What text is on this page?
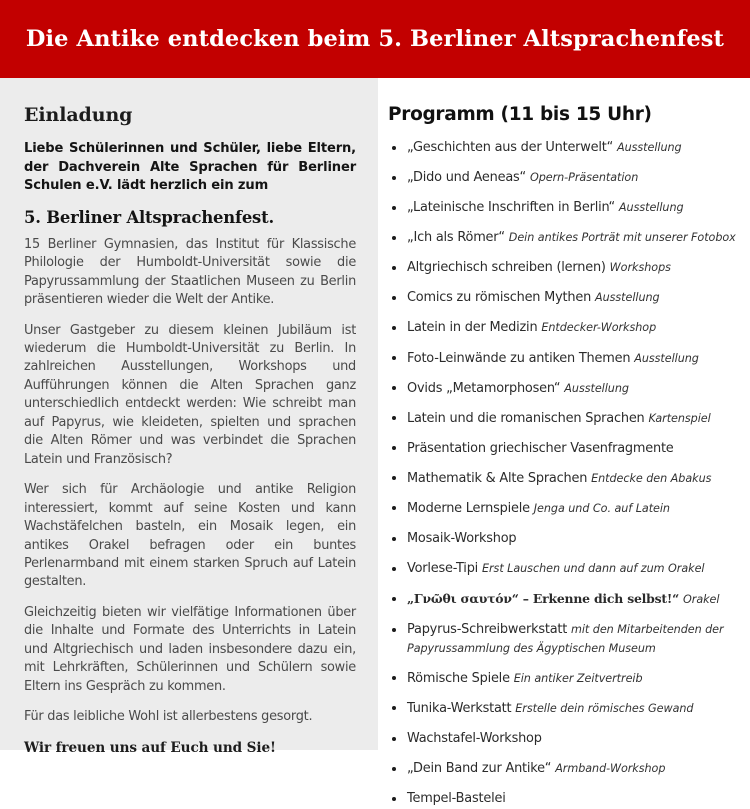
Die Antike entdecken beim 5. Berliner Altsprachenfest
Einladung

Liebe Schülerinnen und Schüler, liebe Eltern, der Dachverein Alte Sprachen für Berliner Schulen e.V. lädt herzlich ein zum

5. Berliner Altsprachenfest.

15 Berliner Gymnasien, das Institut für Klassische Philologie der Humboldt-Universität sowie die Papyrussammlung der Staatlichen Museen zu Berlin präsentieren wieder die Welt der Antike.

Unser Gastgeber zu diesem kleinen Jubiläum ist wiederum die Humboldt-Universität zu Berlin. In zahlreichen Ausstellungen, Workshops und Aufführungen können die Alten Sprachen ganz unterschiedlich entdeckt werden: Wie schreibt man auf Papyrus, wie kleideten, spielten und sprachen die Alten Römer und was verbindet die Sprachen Latein und Französisch?

Wer sich für Archäologie und antike Religion interessiert, kommt auf seine Kosten und kann Wachstäfelchen basteln, ein Mosaik legen, ein antikes Orakel befragen oder ein buntes Perlenarmband mit einem starken Spruch auf Latein gestalten.

Gleichzeitig bieten wir vielfätige Informationen über die Inhalte und Formate des Unterrichts in Latein und Altgriechisch und laden insbesondere dazu ein, mit Lehrkräften, Schülerinnen und Schülern sowie Eltern ins Gespräch zu kommen.

Für das leibliche Wohl ist allerbestens gesorgt.

Wir freuen uns auf Euch und Sie!

Programm (11 bis 15 Uhr)
„Geschichten aus der Unterwelt“ Ausstellung
„Dido und Aeneas“ Opern-Präsentation
„Lateinische Inschriften in Berlin“ Ausstellung
„Ich als Römer“ Dein antikes Porträt mit unserer Fotobox
Altgriechisch schreiben (lernen) Workshops
Comics zu römischen Mythen Ausstellung
Latein in der Medizin Entdecker-Workshop
Foto-Leinwände zu antiken Themen Ausstellung
Ovids „Metamorphosen“ Ausstellung
Latein und die romanischen Sprachen Kartenspiel
Präsentation griechischer Vasenfragmente
Mathematik & Alte Sprachen Entdecke den Abakus
Moderne Lernspiele Jenga und Co. auf Latein
Mosaik-Workshop
Vorlese-Tipi Erst Lauschen und dann auf zum Orakel
„Γνῶθι σαυτόν“ – Erkenne dich selbst!“ Orakel
Papyrus-Schreibwerkstatt mit den Mitarbeitenden der Papyrussammlung des Ägyptischen Museum
Römische Spiele Ein antiker Zeitvertreib
Tunika-Werkstatt Erstelle dein römisches Gewand
Wachstafel-Workshop
„Dein Band zur Antike“ Armband-Workshop
Tempel-Bastelei
